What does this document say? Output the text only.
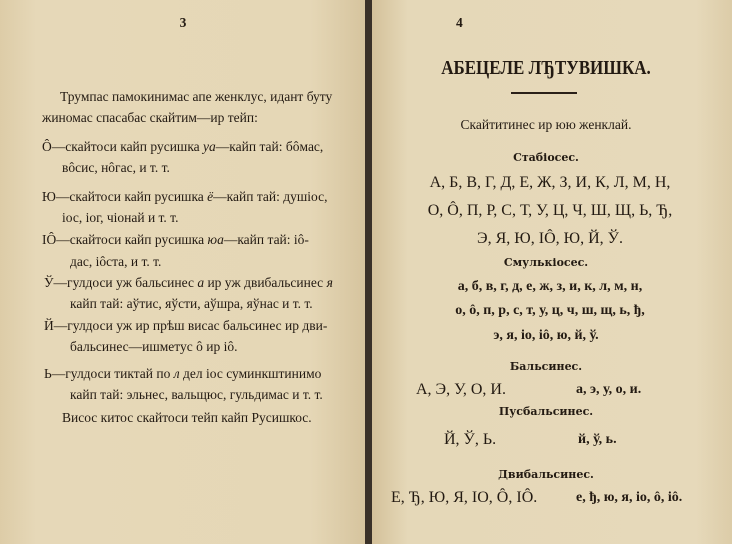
3
Трумпас памокинимас апе женклус, идант буту
жиномас спасабас скайтим—ир тейп:
Ô—скайтоси кайп русишка уа—кайп тай: бôмас,
вôсис, нôгас, и т. т.
Ю—скайтоси кайп русишка ё—кайп тай: душіос,
іос, іог, чіонай и т. т.
ІÔ—скайтоси кайп русишка юа—кайп тай: іô-
дас, іôста, и т. т.
Ў—гулдоси уж бальсинес а ир уж двибальсинес я
кайп тай: аўтис, яўсти, аўшра, яўнас и т. т.
Й—гулдоси уж ир прѣш висас бальсинес ир дви-
бальсинес—ишметус ô ир іô.
Ь—гулдоси тиктай по л дел іос суминкштинимо
кайп тай: эльнес, вальщюс, гульдимас и т. т.
Висос китос скайтоси тейп кайп Русишкос.
4
АБЕЦЕЛЕ ЛЂТУВИШКА.
Скайтитинес ир юю женклай.
Стабіосес.
А, Б, В, Г, Д, Е, Ж, З, И, К, Л, М, Н,
О, Ô, П, Р, С, Т, У, Ц, Ч, Ш, Щ, Ь, Ђ,
Э, Я, Ю, ІÔ, Ю, Й, Ў.
Смулькіосес.
а, б, в, г, д, е, ж, з, и, к, л, м, н,
о, ô, п, р, с, т, у, ц, ч, ш, щ, ь, ђ,
э, я, іо, іô, ю, й, ў.
Бальсинес.
А, Э, У, О, И.	а, э, у, о, и.
Пусбальсинес.
Й, Ў, Ь.	й, ў, ь.
Двибальсинес.
Е, Ђ, Ю, Я, ІО, Ô, ІÔ.	е, ђ, ю, я, іо, ô, іô.
